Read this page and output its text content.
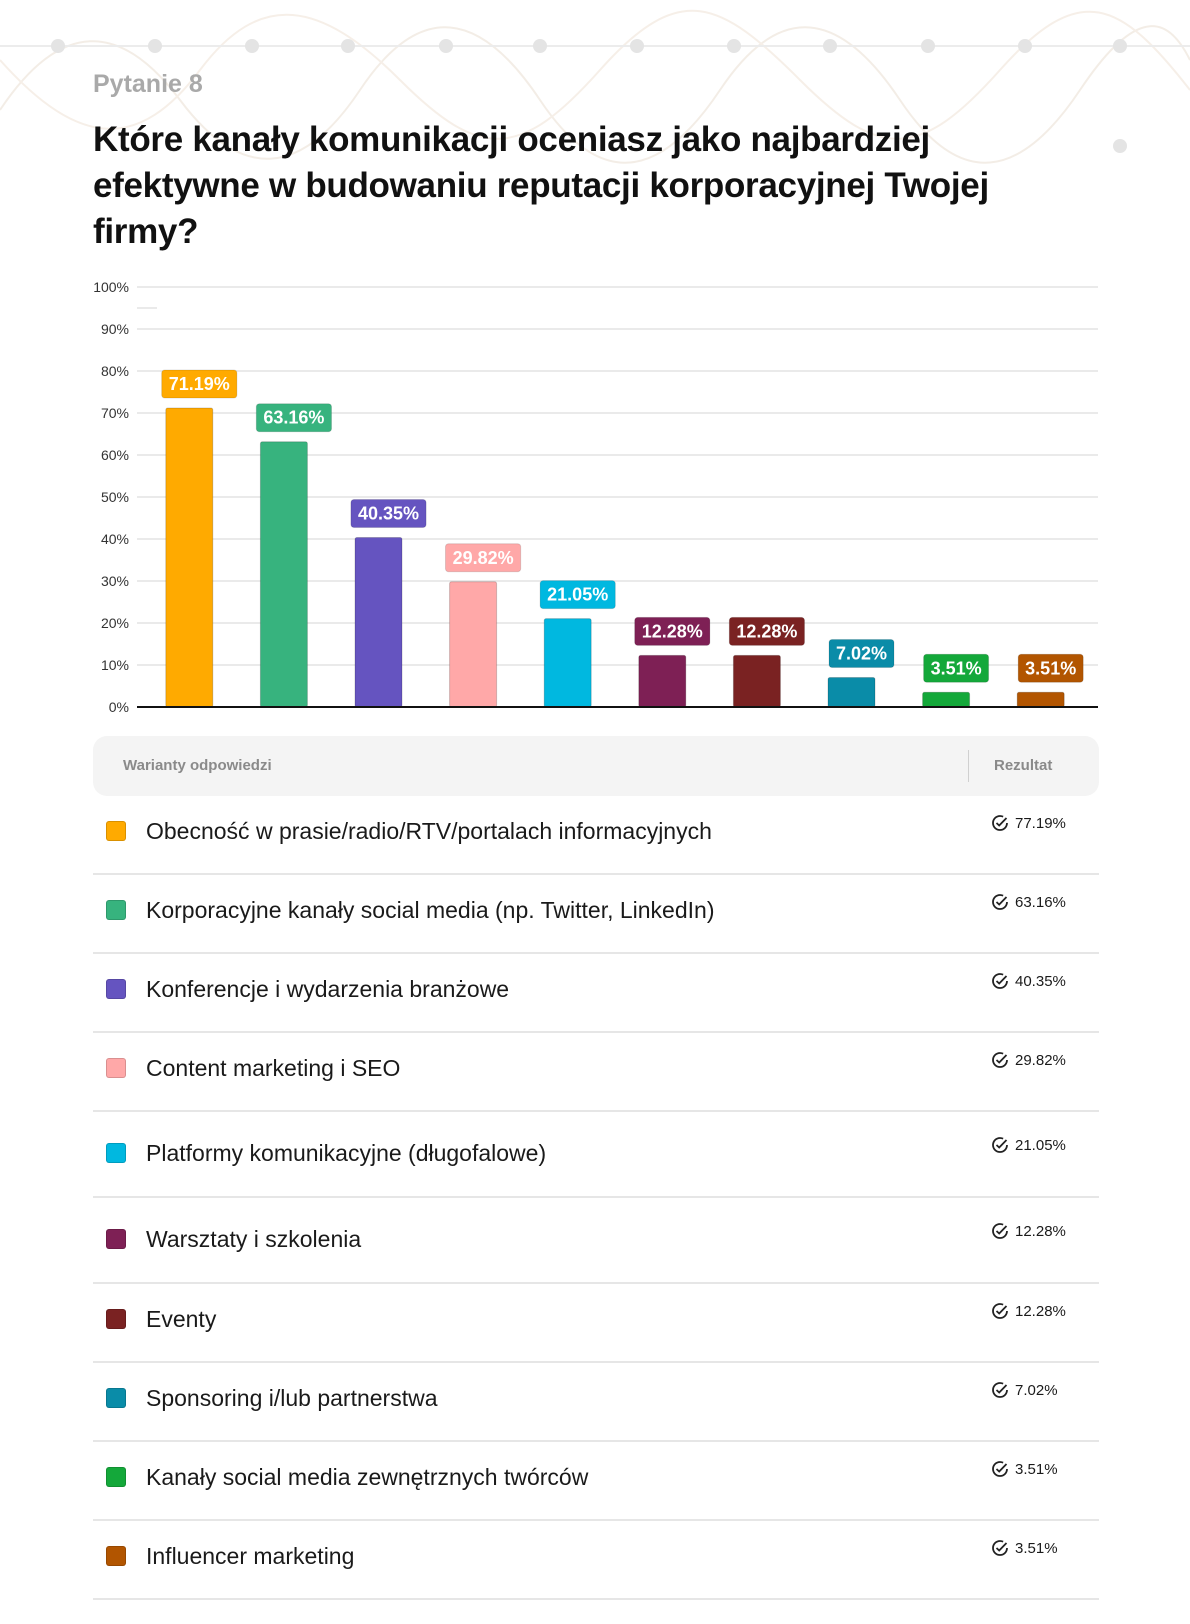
Pytanie 8
Które kanały komunikacji oceniasz jako najbardziej efektywne w budowaniu reputacji korporacyjnej Twojej firmy?
0%
10%
20%
30%
40%
50%
60%
70%
80%
90%
100%
71.19%
63.16%
40.35%
29.82%
21.05%
12.28% 12.28%
7.02%
3.51% 3.51%
Warianty odpowiedzi	Rezultat
Obecność w prasie/radio/RTV/portalach informacyjnych	77.19%
Korporacyjne kanały social media (np. Twitter, LinkedIn)	63.16%
Konferencje i wydarzenia branżowe	40.35%
Content marketing i SEO	29.82%
Platformy komunikacyjne (długofalowe)	21.05%
Warsztaty i szkolenia	12.28%
Eventy	12.28%
Sponsoring i/lub partnerstwa	7.02%
Kanały social media zewnętrznych twórców	3.51%
Influencer marketing	3.51%
